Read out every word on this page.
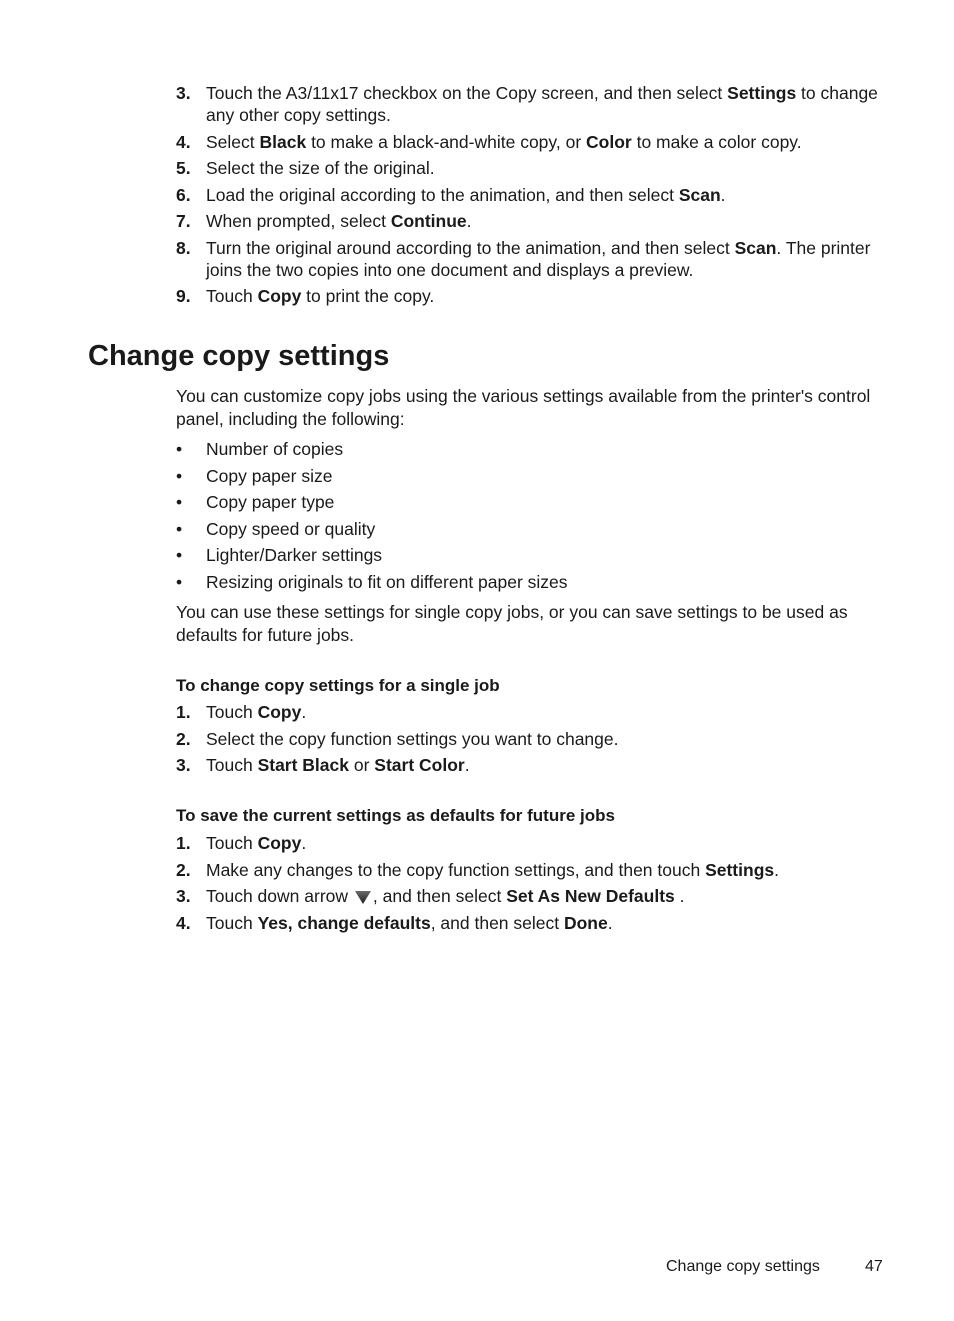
3. Touch the A3/11x17 checkbox on the Copy screen, and then select Settings to change any other copy settings.
4. Select Black to make a black-and-white copy, or Color to make a color copy.
5. Select the size of the original.
6. Load the original according to the animation, and then select Scan.
7. When prompted, select Continue.
8. Turn the original around according to the animation, and then select Scan. The printer joins the two copies into one document and displays a preview.
9. Touch Copy to print the copy.
Change copy settings

You can customize copy jobs using the various settings available from the printer's control panel, including the following:

• Number of copies
• Copy paper size
• Copy paper type
• Copy speed or quality
• Lighter/Darker settings
• Resizing originals to fit on different paper sizes

You can use these settings for single copy jobs, or you can save settings to be used as defaults for future jobs.

To change copy settings for a single job
1. Touch Copy.
2. Select the copy function settings you want to change.
3. Touch Start Black or Start Color.
To save the current settings as defaults for future jobs
1. Touch Copy.
2. Make any changes to the copy function settings, and then touch Settings.
3. Touch down arrow , and then select Set As New Defaults .
4. Touch Yes, change defaults, and then select Done.
Change copy settings	47
